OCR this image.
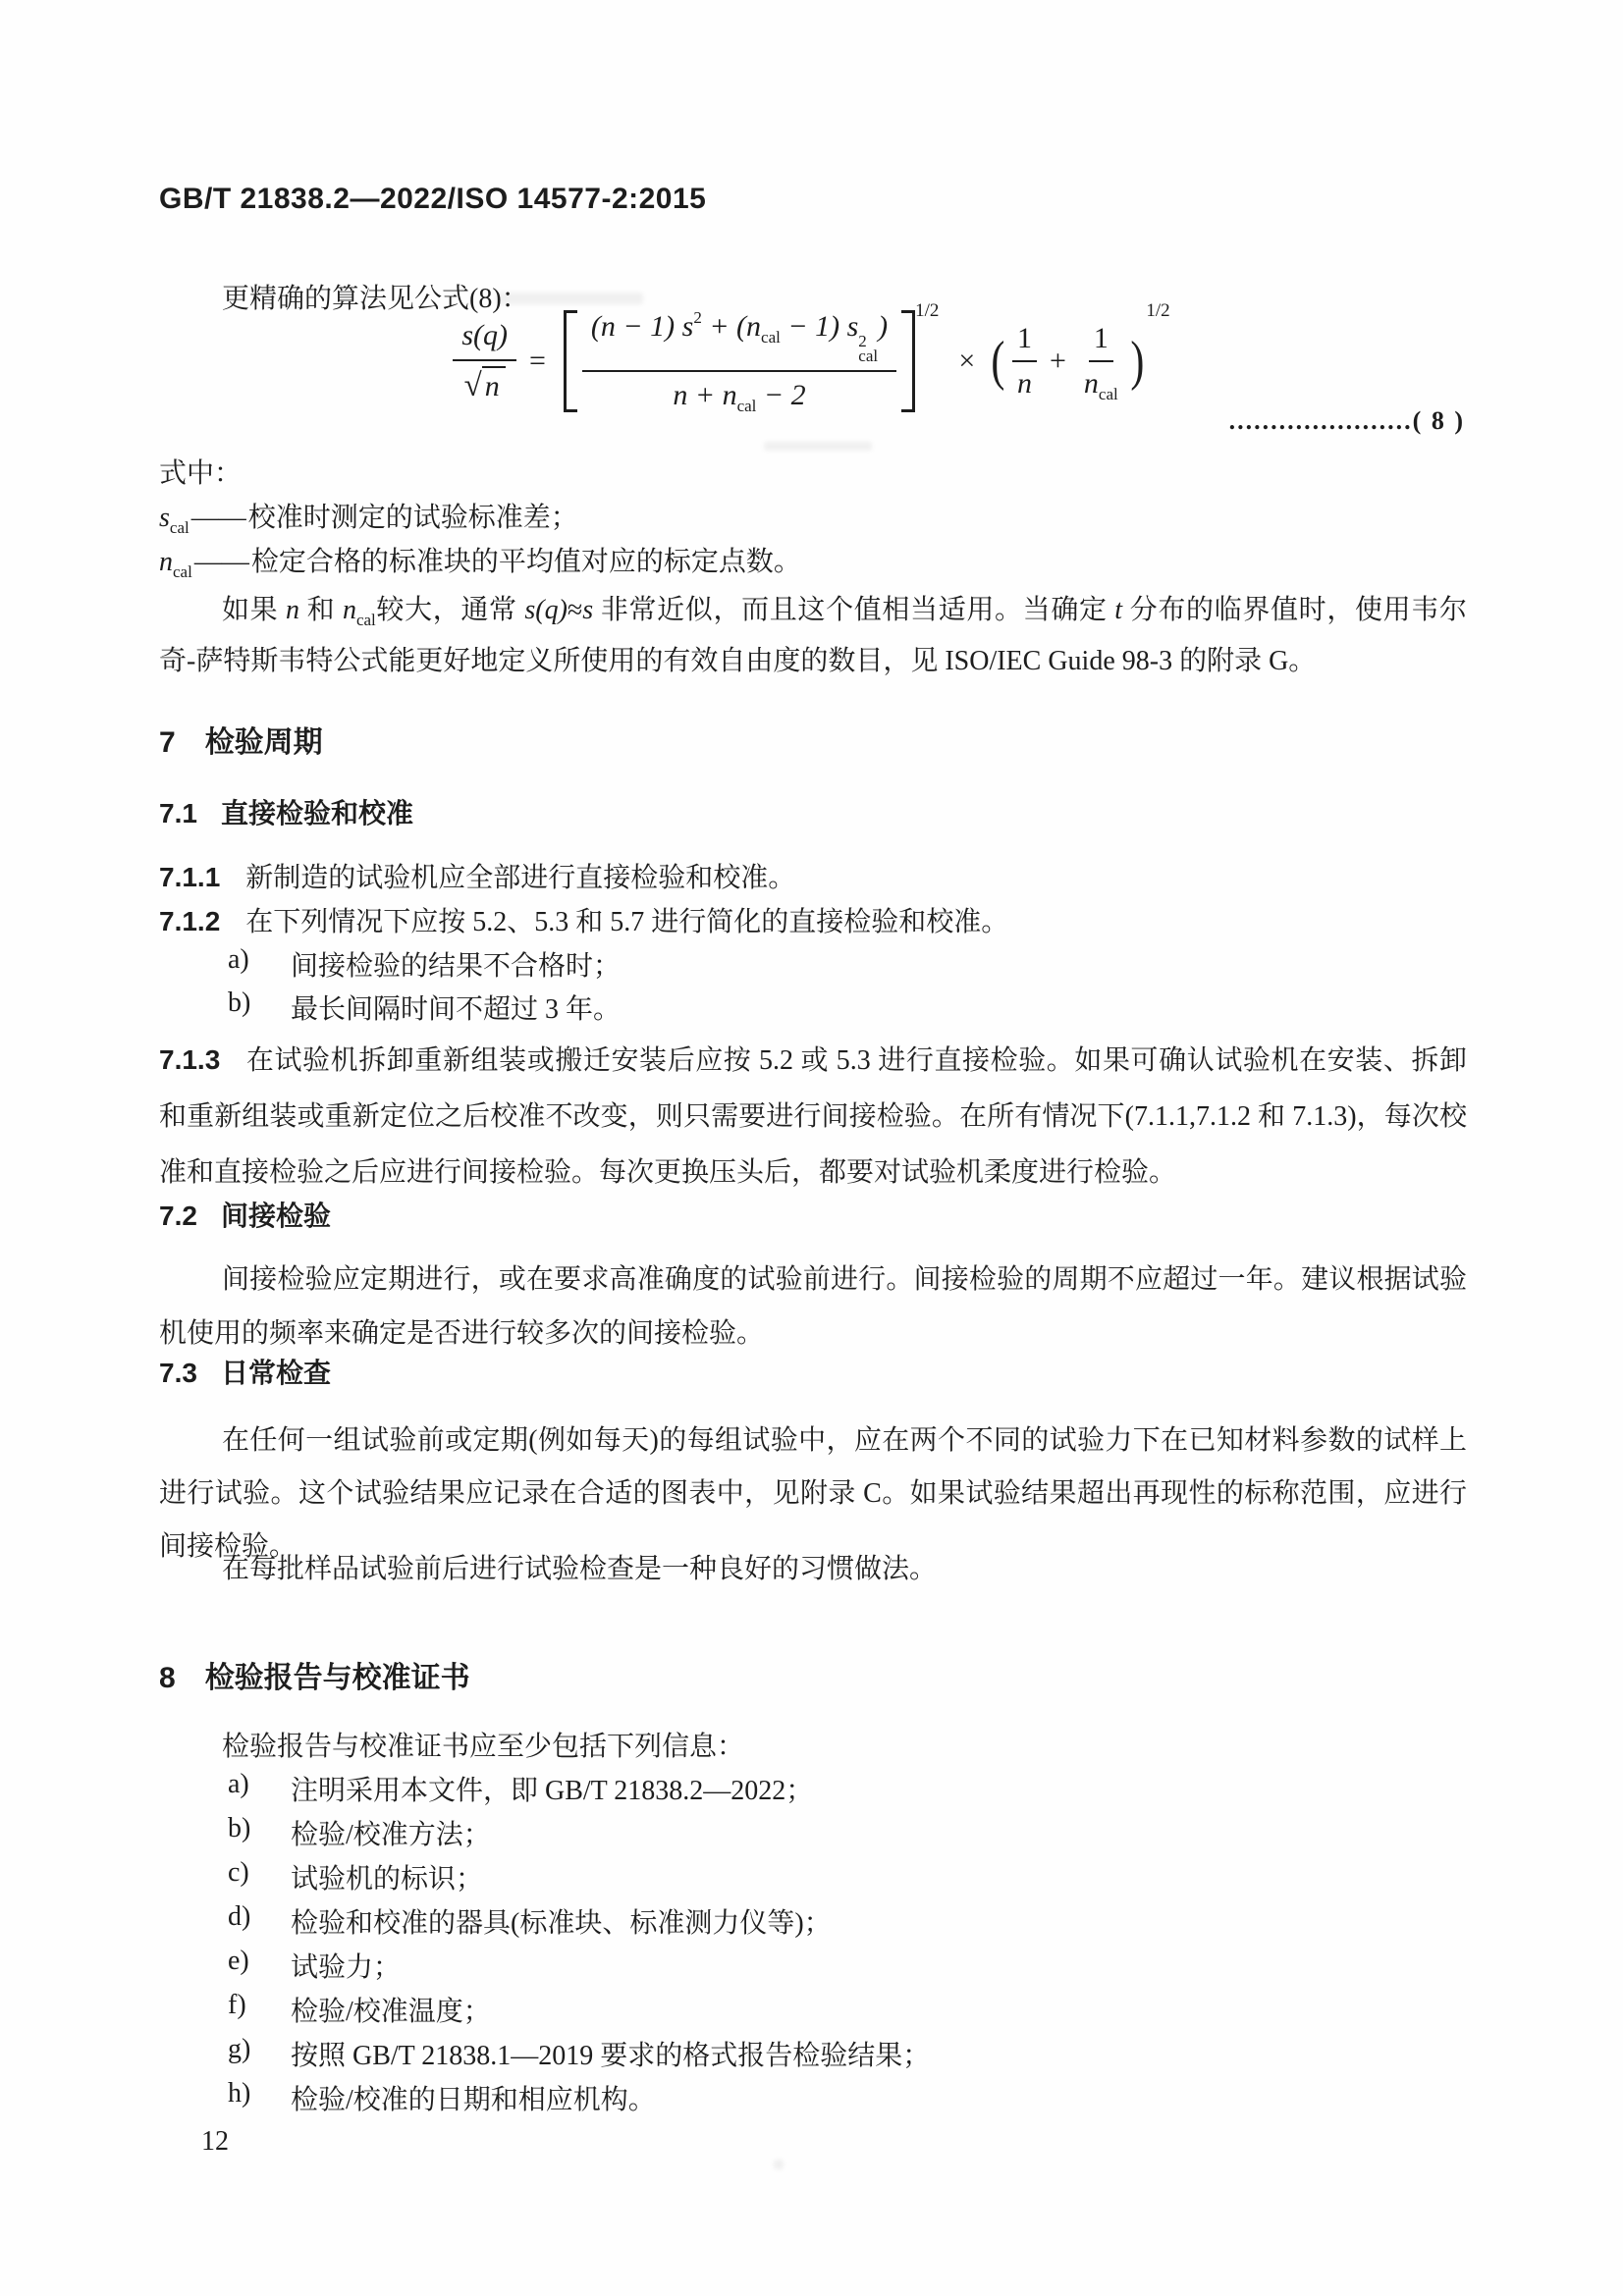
GB/T 21838.2—2022/ISO 14577-2:2015
更精确的算法见公式(8)：
$\frac{s(q)}{√ n} = (n - 1) s^2 + (n_{cal} - 1)$ s 2
cal
)
$n + n_{cal} - 2$ 1/2
× ( $\frac{1}{n} + \frac{1}{n_{cal}}$ )
1/2
......................( 8 )
式中：
$s_{cal}——$校准时测定的试验标准差；
$n_{cal}——$检定合格的标准块的平均值对应的标定点数。
如果 n 和 $n_{cal}$较大，通常 s(q)≈s 非常近似，而且这个值相当适用。当确定 t 分布的临界值时，使用韦尔奇-萨特斯韦特公式能更好地定义所使用的有效自由度的数目，见 ISO/IEC Guide 98-3 的附录 G。
7 检验周期
7.1 直接检验和校准
7.1.1 新制造的试验机应全部进行直接检验和校准。
7.1.2 在下列情况下应按 5.2、5.3 和 5.7 进行简化的直接检验和校准。
a)	间接检验的结果不合格时；
b)	最长间隔时间不超过 3 年。
7.1.3 在试验机拆卸重新组装或搬迁安装后应按 5.2 或 5.3 进行直接检验。如果可确认试验机在安装、拆卸和重新组装或重新定位之后校准不改变，则只需要进行间接检验。在所有情况下(7.1.1,7.1.2 和 7.1.3)，每次校准和直接检验之后应进行间接检验。每次更换压头后，都要对试验机柔度进行检验。
7.2 间接检验
间接检验应定期进行，或在要求高准确度的试验前进行。间接检验的周期不应超过一年。建议根据试验机使用的频率来确定是否进行较多次的间接检验。
7.3 日常检查
在任何一组试验前或定期(例如每天)的每组试验中，应在两个不同的试验力下在已知材料参数的试样上进行试验。这个试验结果应记录在合适的图表中，见附录 C。如果试验结果超出再现性的标称范围，应进行间接检验。
在每批样品试验前后进行试验检查是一种良好的习惯做法。
8 检验报告与校准证书
检验报告与校准证书应至少包括下列信息：
a)	注明采用本文件，即 GB/T 21838.2—2022；
b)	检验/校准方法；
c)	试验机的标识；
d)	检验和校准的器具(标准块、标准测力仪等)；
e)	试验力；
f)	检验/校准温度；
g)	按照 GB/T 21838.1—2019 要求的格式报告检验结果；
h)	检验/校准的日期和相应机构。
12
